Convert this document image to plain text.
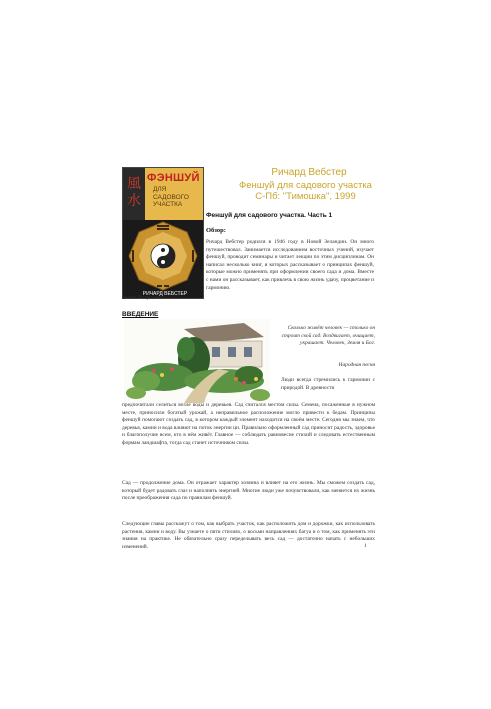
風水
ФЭНШУЙ
ДЛЯ САДОВОГО УЧАСТКА
РИЧАРД ВЕБСТЕР
Ричард Вебстер
Феншуй для садового участка
С-Пб: "Тимошка", 1999
Феншуй для садового участка. Часть 1
Обзор:
Ричард Вебстер родился в 1946 году в Новой Зеландии. Он много путешествовал. Занимается исследованием восточных учений, изучает феншуй, проводит семинары и читает лекции по этим дисциплинам. Он написал несколько книг, в которых рассказывает о принципах феншуй, которые можно применять при оформлении своего сада и дома. Вместе с нами он рассказывает, как привлечь в свою жизнь удачу, процветание и гармонию.
книги: Вступление
ВВЕДЕНИЕ
Сколько живёт человек — столько он строит свой сад. Воздвигает, очищает, украшает. Человек, Земля и Бог.
Народная песня
Люди всегда стремились к гармонии с природой. В древности
предпочитали селиться возле воды и деревьев. Сад считался местом силы. Семена, посаженные в нужном месте, приносили богатый урожай, а неправильное расположение могло привести к бедам. Принципы феншуй помогают создать сад, в котором каждый элемент находится на своём месте. Сегодня мы знаем, что деревья, камни и вода влияют на поток энергии ци. Правильно оформленный сад приносит радость, здоровье и благополучие всем, кто в нём живёт. Главное — соблюдать равновесие стихий и следовать естественным формам ландшафта, тогда сад станет источником силы.
Сад — продолжение дома. Он отражает характер хозяина и влияет на его жизнь. Мы сможем создать сад, который будет радовать глаз и наполнять энергией. Многие люди уже почувствовали, как меняется их жизнь после преображения сада по правилам феншуй.
Следующие главы расскажут о том, как выбрать участок, как расположить дом и дорожки, как использовать растения, камни и воду. Вы узнаете о пяти стихиях, о восьми направлениях багуа и о том, как применять эти знания на практике. Не обязательно сразу переделывать весь сад — достаточно начать с небольших изменений.	1
